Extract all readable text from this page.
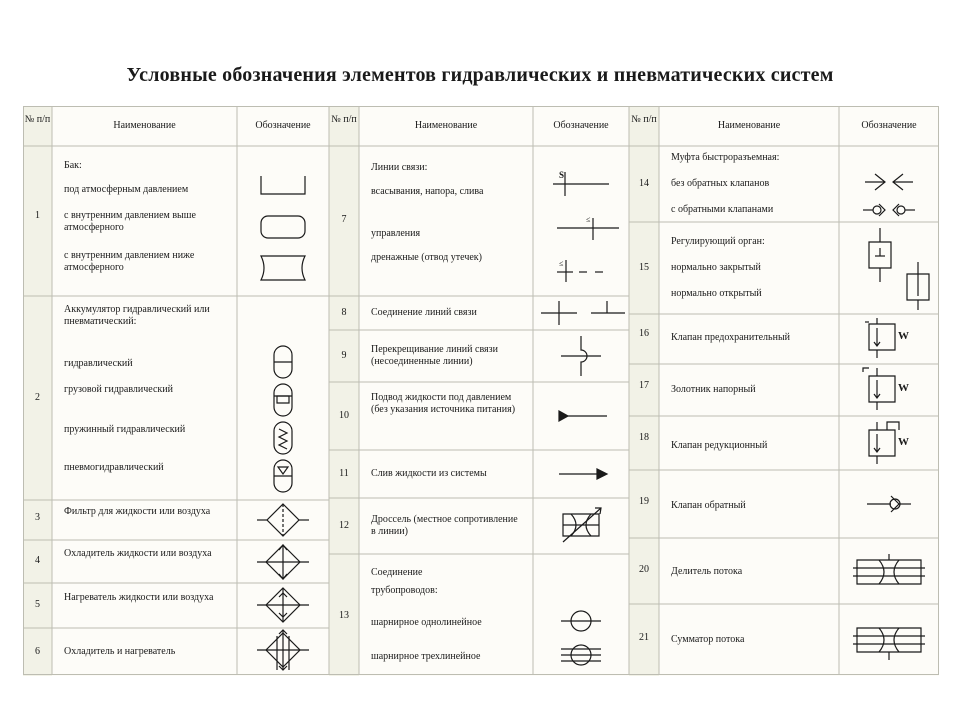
Условные обозначения элементов гидравлических и пневматических систем
№ п/п
Наименование	Обозначение
№ п/п
Наименование	Обозначение
№ п/п
Наименование	Обозначение
1
Бак:
под атмосферным давлением
с внутренним давлением выше атмосферного
с внутренним давлением ниже атмосферного
2
Аккумулятор гидравлический или пневматический:
гидравлический
грузовой гидравлический
пружинный гидравлический
пневмогидравлический
3
Фильтр для жидкости или воздуха
4
Охладитель жидкости или воздуха
5
Нагреватель жидкости или воздуха
6	Охладитель и нагреватель
7
Линии связи:
всасывания, напора, слива
управления
дренажные (отвод утечек)
S
≤
≤
8	Соединение линий связи
9
Перекрещивание линий связи (несоединенные линии)
10
Подвод жидкости под давлением (без указания источника питания)
11	Слив жидкости из системы
12
Дроссель (местное сопротивление в линии)
13
Соединение трубопроводов:
шарнирное однолинейное
шарнирное трехлинейное
14
Муфта быстроразъемная:
без обратных клапанов
с обратными клапанами
15
Регулирующий орган:
нормально закрытый
нормально открытый
16	Клапан предохранительный	W
17	Золотник напорный	W
18
Клапан редукционный	W
19	Клапан обратный
20	Делитель потока
21	Сумматор потока
